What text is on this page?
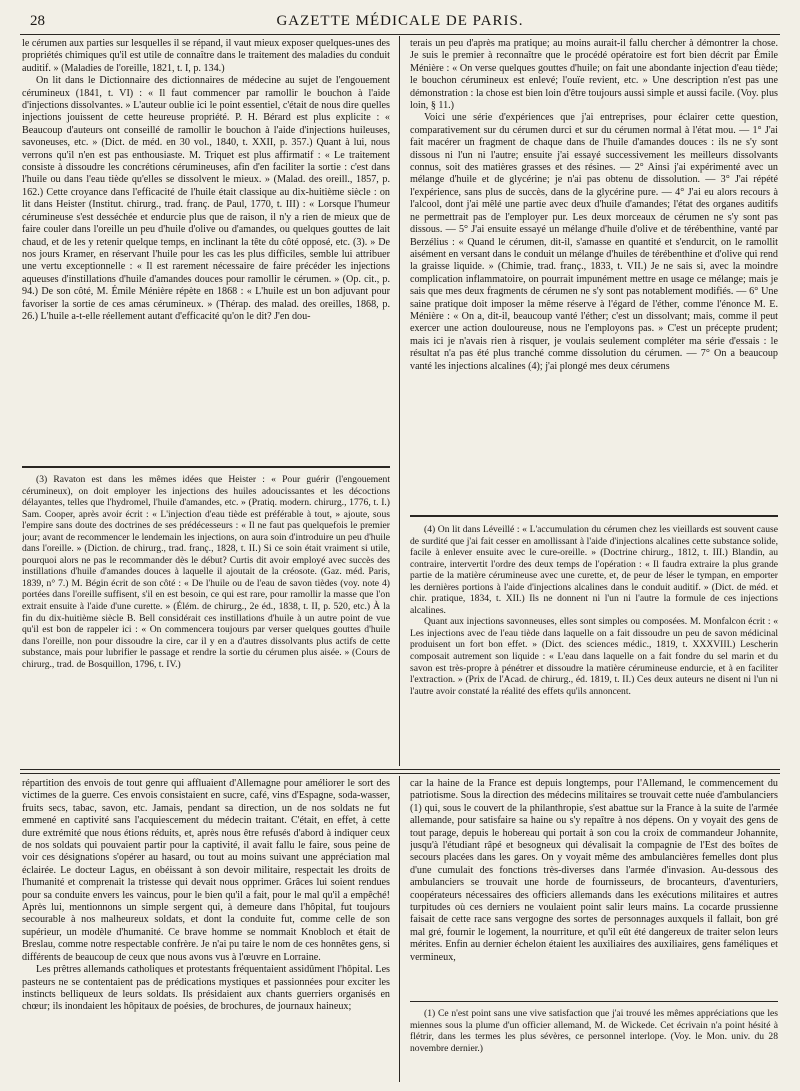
28	GAZETTE MÉDICALE DE PARIS.

le cérumen aux parties sur lesquelles il se répand, il vaut mieux exposer quelques-unes des propriétés chimiques qu'il est utile de connaître dans le traitement des maladies du conduit auditif. » (Maladies de l'oreille, 1821, t. I, p. 134.)

On lit dans le Dictionnaire des dictionnaires de médecine au sujet de l'engouement cérumineux (1841, t. VI) : « Il faut commencer par ramollir le bouchon à l'aide d'injections dissolvantes. » L'auteur oublie ici le point essentiel, c'était de nous dire quelles injections jouissent de cette heureuse propriété. P. H. Bérard est plus explicite : « Beaucoup d'auteurs ont conseillé de ramollir le bouchon à l'aide d'injections huileuses, savoneuses, etc. » (Dict. de méd. en 30 vol., 1840, t. XXII, p. 357.) Quant à lui, nous verrons qu'il n'en est pas enthousiaste. M. Triquet est plus affirmatif : « Le traitement consiste à dissoudre les concrétions cérumineuses, afin d'en faciliter la sortie : c'est dans l'huile ou dans l'eau tiède qu'elles se dissolvent le mieux. » (Malad. des oreill., 1857, p. 162.) Cette croyance dans l'efficacité de l'huile était classique au dix-huitième siècle : on lit dans Heister (Institut. chirurg., trad. franç. de Paul, 1770, t. III) : « Lorsque l'humeur cérumineuse s'est desséchée et endurcie plus que de raison, il n'y a rien de mieux que de faire couler dans l'oreille un peu d'huile d'olive ou d'amandes, ou quelques gouttes de lait chaud, et de les y retenir quelque temps, en inclinant la tête du côté opposé, etc. (3). » De nos jours Kramer, en réservant l'huile pour les cas les plus difficiles, semble lui attribuer une vertu exceptionnelle : « Il est rarement nécessaire de faire précéder les injections aqueuses d'instillations d'huile d'amandes douces pour ramollir le cérumen. » (Op. cit., p. 94.) De son côté, M. Émile Ménière répète en 1868 : « L'huile est un bon adjuvant pour favoriser la sortie de ces amas cérumineux. » (Thérap. des malad. des oreilles, 1868, p. 26.) L'huile a-t-elle réellement autant d'efficacité qu'on le dit? J'en dou-

terais un peu d'après ma pratique; au moins aurait-il fallu chercher à démontrer la chose. Je suis le premier à reconnaître que le procédé opératoire est fort bien décrit par Émile Ménière : « On verse quelques gouttes d'huile; on fait une abondante injection d'eau tiède; le bouchon cérumineux est enlevé; l'ouïe revient, etc. » Une description n'est pas une démonstration : la chose est bien loin d'être toujours aussi simple et aussi facile. (Voy. plus loin, § 11.)

Voici une série d'expériences que j'ai entreprises, pour éclairer cette question, comparativement sur du cérumen durci et sur du cérumen normal à l'état mou. — 1° J'ai fait macérer un fragment de chaque dans de l'huile d'amandes douces : ils ne s'y sont dissous ni l'un ni l'autre; ensuite j'ai essayé successivement les meilleurs dissolvants connus, soit des matières grasses et des résines. — 2° Ainsi j'ai expérimenté avec un mélange d'huile et de glycérine; je n'ai pas obtenu de dissolution. — 3° J'ai répété l'expérience, sans plus de succès, dans de la glycérine pure. — 4° J'ai eu alors recours à l'alcool, dont j'ai mêlé une partie avec deux d'huile d'amandes; l'état des organes auditifs ne permettrait pas de l'employer pur. Les deux morceaux de cérumen ne s'y sont pas dissous. — 5° J'ai ensuite essayé un mélange d'huile d'olive et de térébenthine, vanté par Berzélius : « Quand le cérumen, dit-il, s'amasse en quantité et s'endurcit, on le ramollit aisément en versant dans le conduit un mélange d'huiles de térébenthine et d'olive qui rend la graisse liquide. » (Chimie, trad. franç., 1833, t. VII.) Je ne sais si, avec la moindre complication inflammatoire, on pourrait impunément mettre en usage ce mélange; mais je sais que mes deux fragments de cérumen ne s'y sont pas notablement modifiés. — 6° Une saine pratique doit imposer la même réserve à l'égard de l'éther, comme l'énonce M. E. Ménière : « On a, dit-il, beaucoup vanté l'éther; c'est un dissolvant; mais, comme il peut exercer une action douloureuse, nous ne l'employons pas. » C'est un précepte prudent; mais ici je n'avais rien à risquer, je voulais seulement compléter ma série d'essais : le résultat n'a pas été plus tranché comme dissolution du cérumen. — 7° On a beaucoup vanté les injections alcalines (4); j'ai plongé mes deux cérumens

(3) Ravaton est dans les mêmes idées que Heister : « Pour guérir (l'engouement cérumineux), on doit employer les injections des huiles adoucissantes et les décoctions délayantes, telles que l'hydromel, l'huile d'amandes, etc. » (Pratiq. modern. chirurg., 1776, t. I.) Sam. Cooper, après avoir écrit : « L'injection d'eau tiède est préférable à tout, » ajoute, sous l'empire sans doute des doctrines de ses prédécesseurs : « Il ne faut pas quelquefois le premier jour; avant de recommencer le lendemain les injections, on aura soin d'introduire un peu d'huile dans l'oreille. » (Diction. de chirurg., trad. franç., 1828, t. II.) Si ce soin était vraiment si utile, pourquoi alors ne pas le recommander dès le début? Curtis dit avoir employé avec succès des instillations d'huile d'amandes douces à laquelle il ajoutait de la créosote. (Gaz. méd. Paris, 1839, n° 7.) M. Bégin écrit de son côté : « De l'huile ou de l'eau de savon tièdes (voy. note 4) portées dans l'oreille suffisent, s'il en est besoin, ce qui est rare, pour ramollir la masse que l'on extrait ensuite à l'aide d'une curette. » (Élém. de chirurg., 2e éd., 1838, t. II, p. 520, etc.) À la fin du dix-huitième siècle B. Bell considérait ces instillations d'huile à un autre point de vue qu'il est bon de rappeler ici : « On commencera toujours par verser quelques gouttes d'huile dans l'oreille, non pour dissoudre la cire, car il y en a d'autres dissolvants plus actifs de cette substance, mais pour lubrifier le passage et rendre la sortie du cérumen plus aisée. » (Cours de chirurg., trad. de Bosquillon, 1796, t. IV.)

(4) On lit dans Léveillé : « L'accumulation du cérumen chez les vieillards est souvent cause de surdité que j'ai fait cesser en amollissant à l'aide d'injections alcalines cette substance solide, facile à enlever ensuite avec le cure-oreille. » (Doctrine chirurg., 1812, t. III.) Blandin, au contraire, intervertit l'ordre des deux temps de l'opération : « Il faudra extraire la plus grande partie de la matière cérumineuse avec une curette, et, de peur de léser le tympan, en emporter les dernières portions à l'aide d'injections alcalines dans le conduit auditif. » (Dict. de méd. et chir. pratique, 1834, t. XII.) Ils ne donnent ni l'un ni l'autre la formule de ces injections alcalines.

Quant aux injections savonneuses, elles sont simples ou composées. M. Monfalcon écrit : « Les injections avec de l'eau tiède dans laquelle on a fait dissoudre un peu de savon médicinal produisent un fort bon effet. » (Dict. des sciences médic., 1819, t. XXXVIII.) Lescherin composait autrement son liquide : « L'eau dans laquelle on a fait fondre du sel marin et du savon est très-propre à pénétrer et dissoudre la matière cérumineuse endurcie, et à en faciliter l'extraction. » (Prix de l'Acad. de chirurg., éd. 1819, t. II.) Ces deux auteurs ne disent ni l'un ni l'autre avoir constaté la réalité des effets qu'ils annoncent.

répartition des envois de tout genre qui affluaient d'Allemagne pour améliorer le sort des victimes de la guerre. Ces envois consistaient en sucre, café, vins d'Espagne, soda-wasser, fruits secs, tabac, savon, etc. Jamais, pendant sa direction, un de nos soldats ne fut emmené en captivité sans l'acquiescement du médecin traitant. C'était, en effet, à cette dure extrémité que nous étions réduits, et, après nous être refusés d'abord à indiquer ceux de nos soldats qui pouvaient partir pour la captivité, il avait fallu le faire, sous peine de voir ces désignations s'opérer au hasard, ou tout au moins suivant une appréciation mal éclairée. Le docteur Lagus, en obéissant à son devoir militaire, respectait les droits de l'humanité et comprenait la tristesse qui devait nous opprimer. Grâces lui soient rendues pour sa conduite envers les vaincus, pour le bien qu'il a fait, pour le mal qu'il a empêché! Après lui, mentionnons un simple sergent qui, à demeure dans l'hôpital, fut toujours secourable à nos malheureux soldats, et dont la conduite fut, comme celle de son supérieur, un modèle d'humanité. Ce brave homme se nommait Knobloch et était de Breslau, comme notre respectable confrère. Je n'ai pu taire le nom de ces honnêtes gens, si différents de beaucoup de ceux que nous avons vus à l'œuvre en Lorraine.

Les prêtres allemands catholiques et protestants fréquentaient assidûment l'hôpital. Les pasteurs ne se contentaient pas de prédications mystiques et passionnées pour exciter les instincts belliqueux de leurs soldats. Ils présidaient aux chants guerriers organisés en chœur; ils inondaient les hôpitaux de poésies, de brochures, de journaux haineux;

car la haine de la France est depuis longtemps, pour l'Allemand, le commencement du patriotisme. Sous la direction des médecins militaires se trouvait cette nuée d'ambulanciers (1) qui, sous le couvert de la philanthropie, s'est abattue sur la France à la suite de l'armée allemande, pour satisfaire sa haine ou s'y repaître à nos dépens. On y voyait des gens de tout parage, depuis le hobereau qui portait à son cou la croix de commandeur Johannite, jusqu'à l'étudiant râpé et besogneux qui dévalisait la compagnie de l'Est des boîtes de secours placées dans les gares. On y voyait même des ambulancières femelles dont plus d'une cumulait des fonctions très-diverses dans l'armée d'invasion. Au-dessous des ambulanciers se trouvait une horde de fournisseurs, de brocanteurs, d'aventuriers, coopérateurs nécessaires des officiers allemands dans les exécutions militaires et autres turpitudes où ces derniers ne voulaient point salir leurs mains. La cocarde prussienne faisait de cette race sans vergogne des sortes de personnages auxquels il fallait, bon gré mal gré, fournir le logement, la nourriture, et qu'il eût été dangereux de traiter selon leurs mérites. Enfin au dernier échelon étaient les auxiliaires des auxiliaires, gens faméliques et vermineux,

(1) Ce n'est point sans une vive satisfaction que j'ai trouvé les mêmes appréciations que les miennes sous la plume d'un officier allemand, M. de Wickede. Cet écrivain n'a point hésité à flétrir, dans les termes les plus sévères, ce personnel interlope. (Voy. le Mon. univ. du 28 novembre dernier.)
